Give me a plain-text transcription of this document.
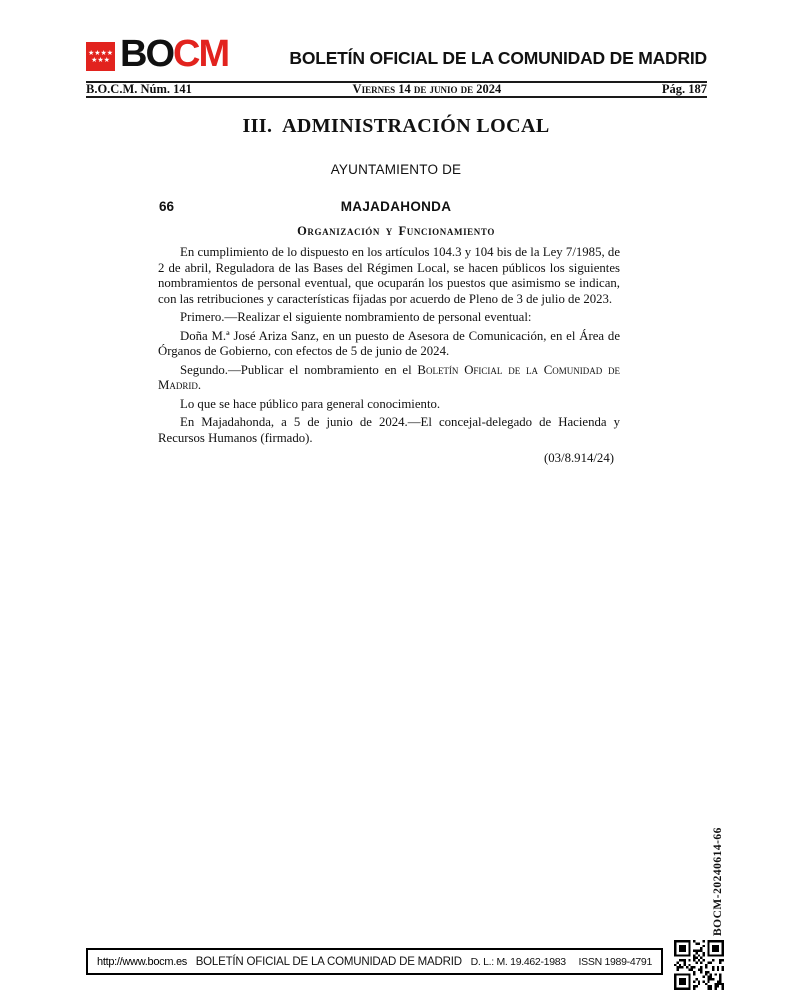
★★★★
★★★ BOCM	BOLETÍN OFICIAL DE LA COMUNIDAD DE MADRID
B.O.C.M. Núm. 141	Viernes 14 de junio de 2024	Pág. 187
III.  ADMINISTRACIÓN LOCAL
AYUNTAMIENTO DE
66	MAJADAHONDA
Organización y Funcionamiento

En cumplimiento de lo dispuesto en los artículos 104.3 y 104 bis de la Ley 7/1985, de 2 de abril, Reguladora de las Bases del Régimen Local, se hacen públicos los siguientes nombramientos de personal eventual, que ocuparán los puestos que asimismo se indican, con las retribuciones y características fijadas por acuerdo de Pleno de 3 de julio de 2023.

Primero.—Realizar el siguiente nombramiento de personal eventual:

Doña M.ª José Ariza Sanz, en un puesto de Asesora de Comunicación, en el Área de Órganos de Gobierno, con efectos de 5 de junio de 2024.

Segundo.—Publicar el nombramiento en el Boletín Oficial de la Comunidad de Madrid.

Lo que se hace público para general conocimiento.

En Majadahonda, a 5 de junio de 2024.—El concejal-delegado de Hacienda y Recursos Humanos (firmado).

(03/8.914/24)

BOCM-20240614-66
http://www.bocm.es BOLETÍN OFICIAL DE LA COMUNIDAD DE MADRID D. L.: M. 19.462-1983 ISSN 1989-4791
